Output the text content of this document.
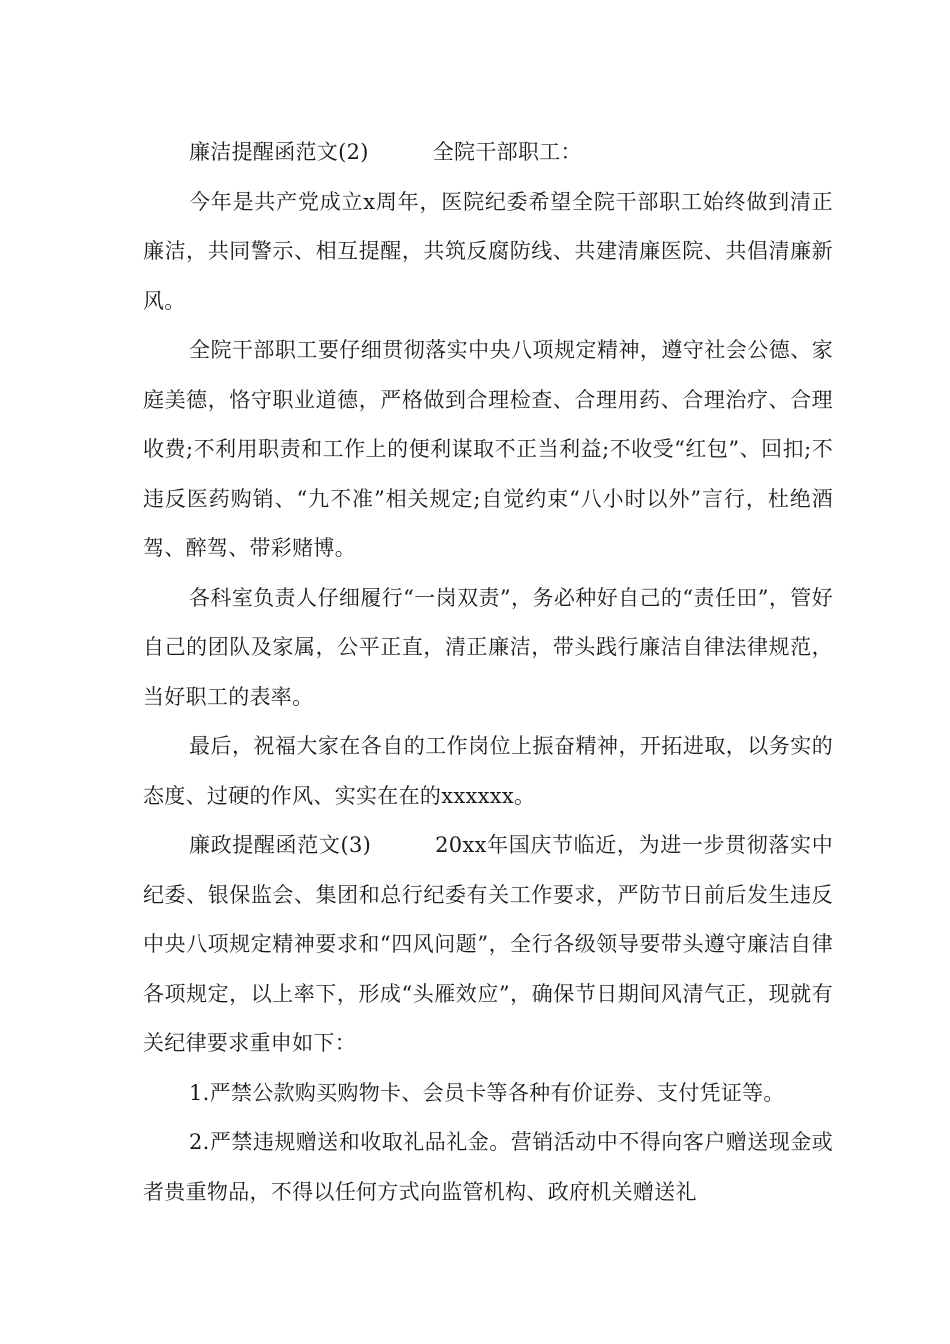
廉洁提醒函范文(2)	全院干部职工：

今年是共产党成立x周年，医院纪委希望全院干部职工始终做到清正廉洁，共同警示、相互提醒，共筑反腐防线、共建清廉医院、共倡清廉新风。

全院干部职工要仔细贯彻落实中央八项规定精神，遵守社会公德、家庭美德，恪守职业道德，严格做到合理检查、合理用药、合理治疗、合理收费;不利用职责和工作上的便利谋取不正当利益;不收受“红包”、回扣;不违反医药购销、“九不准”相关规定;自觉约束“八小时以外”言行，杜绝酒驾、醉驾、带彩赌博。

各科室负责人仔细履行“一岗双责”，务必种好自己的“责任田”，管好自己的团队及家属，公平正直，清正廉洁，带头践行廉洁自律法律规范，当好职工的表率。

最后，祝福大家在各自的工作岗位上振奋精神，开拓进取，以务实的态度、过硬的作风、实实在在的xxxxxx。

廉政提醒函范文(3)	20xx年国庆节临近，为进一步贯彻落实中纪委、银保监会、集团和总行纪委有关工作要求，严防节日前后发生违反中央八项规定精神要求和“四风问题”，全行各级领导要带头遵守廉洁自律各项规定，以上率下，形成“头雁效应”，确保节日期间风清气正，现就有关纪律要求重申如下：

1.严禁公款购买购物卡、会员卡等各种有价证券、支付凭证等。

2.严禁违规赠送和收取礼品礼金。营销活动中不得向客户赠送现金或者贵重物品，不得以任何方式向监管机构、政府机关赠送礼
